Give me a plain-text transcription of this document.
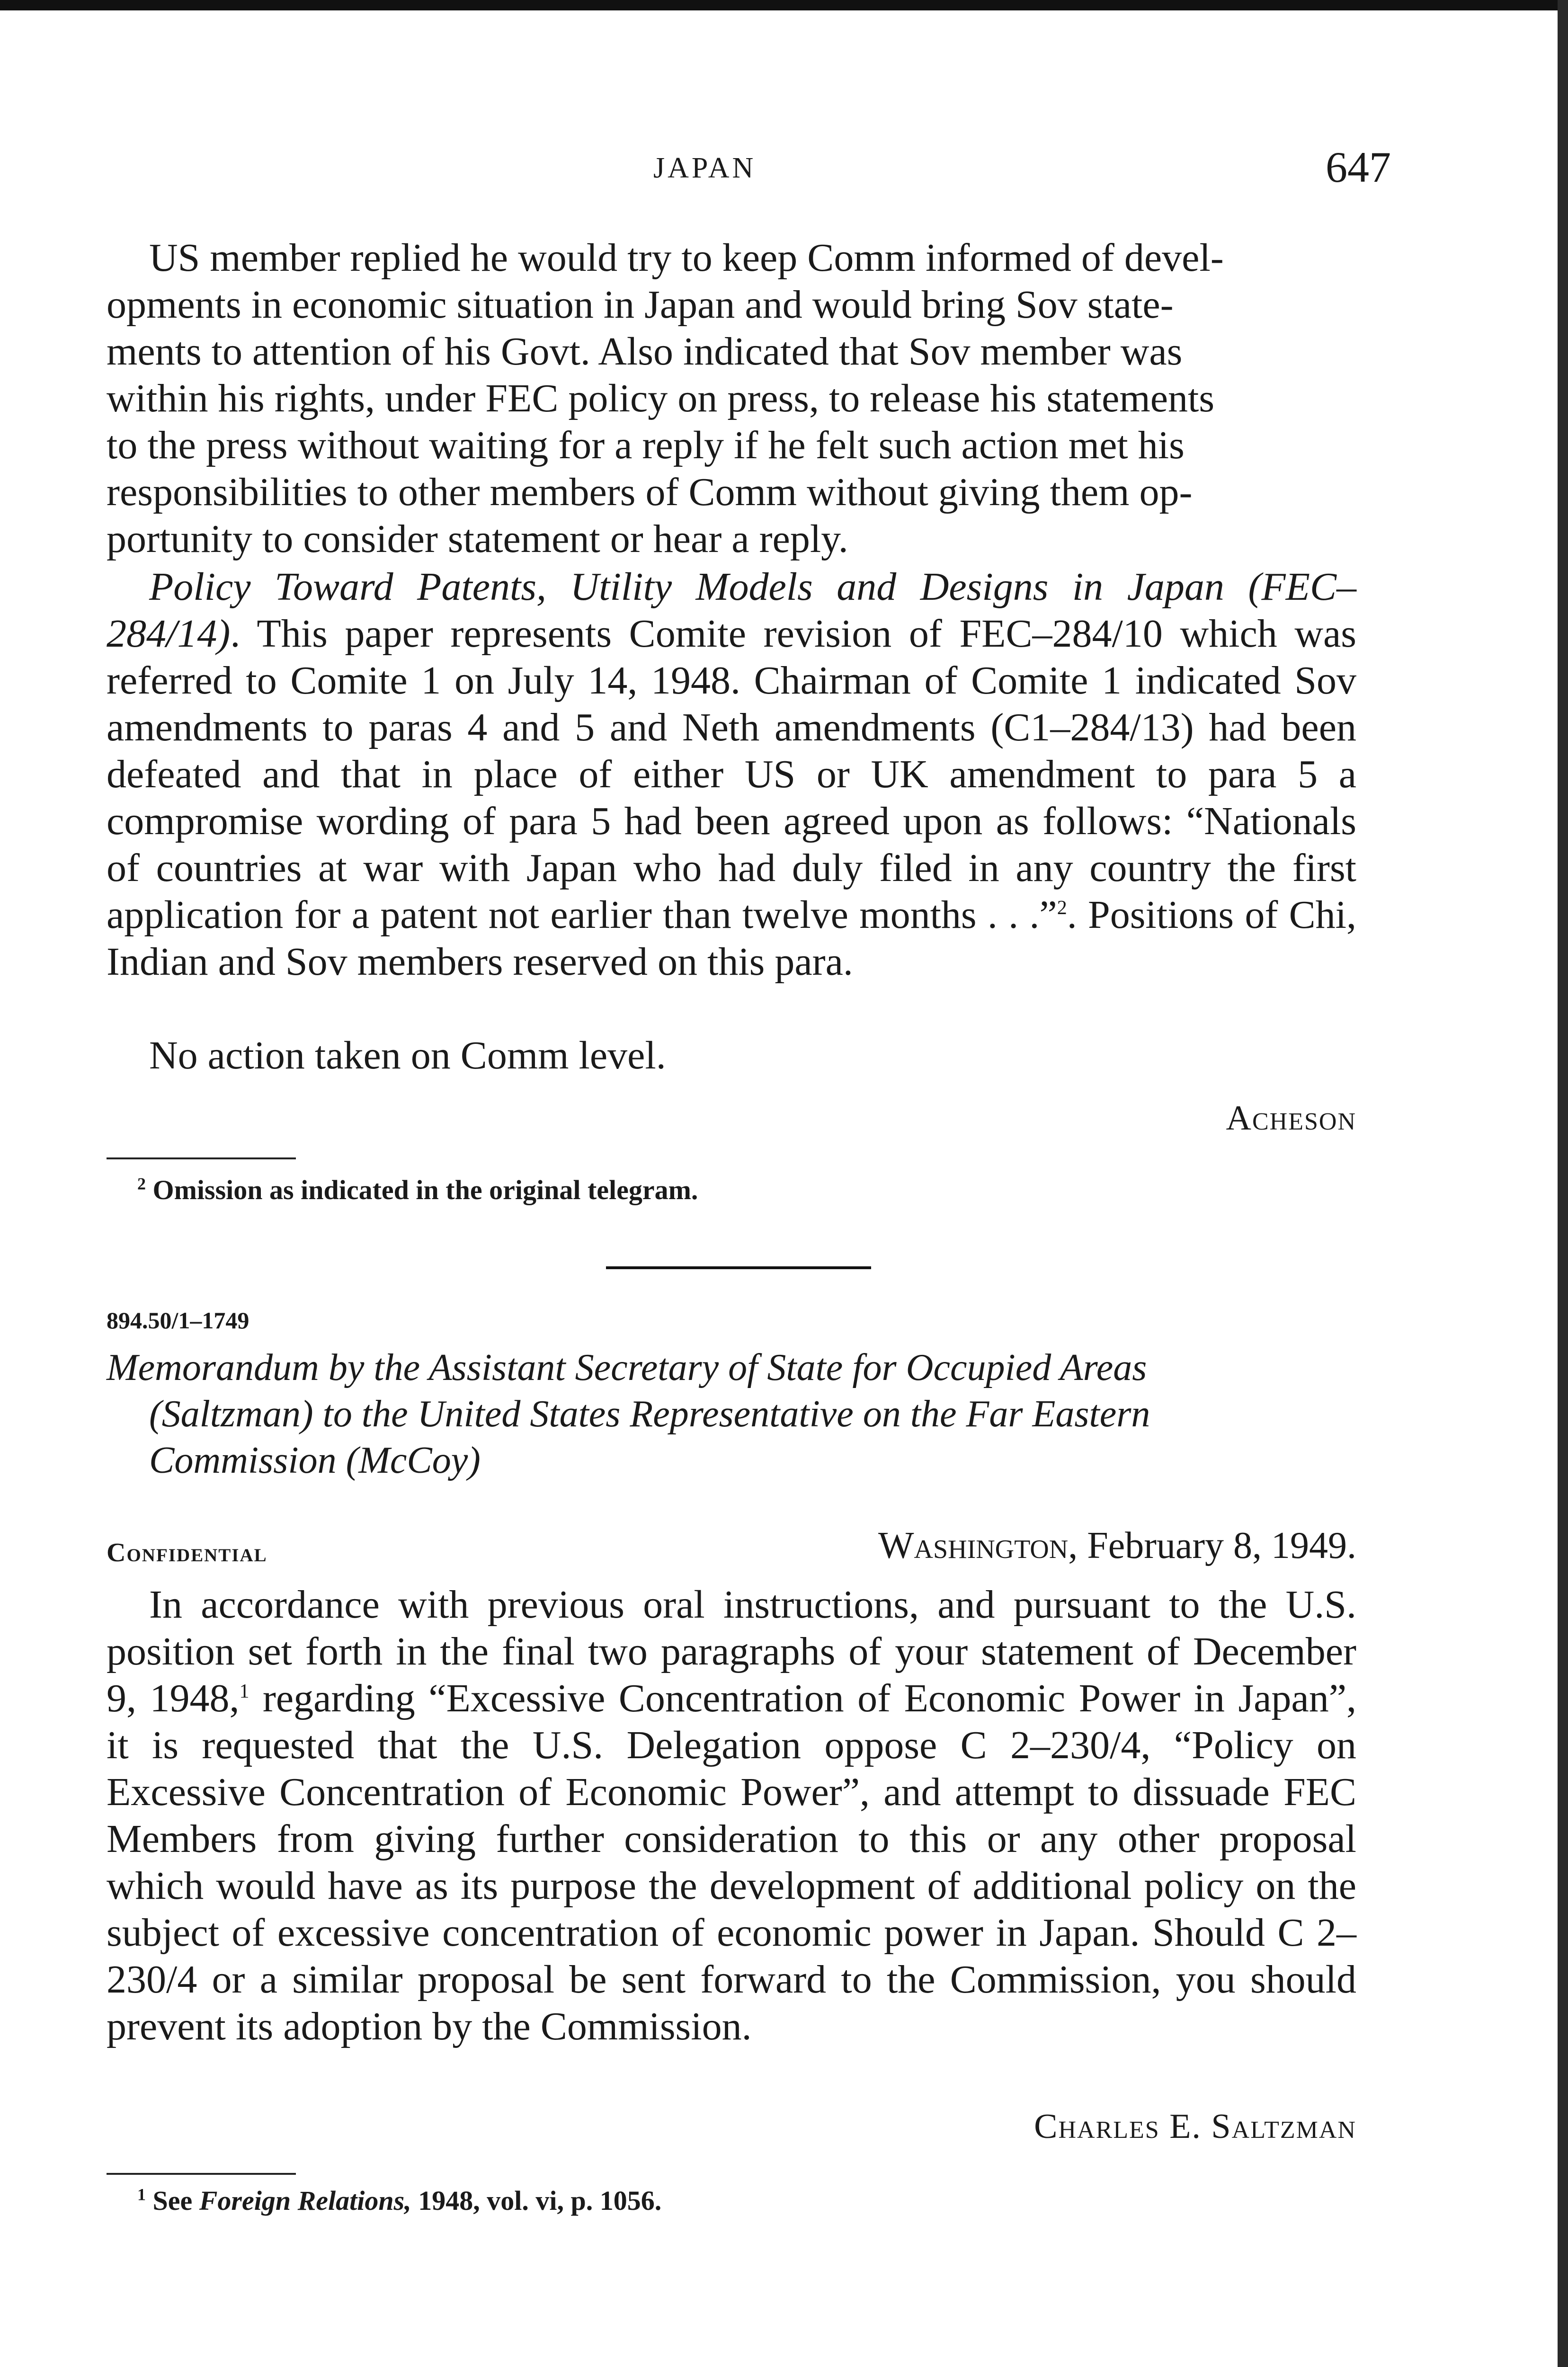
JAPAN	647
US member replied he would try to keep Comm informed of devel-
opments in economic situation in Japan and would bring Sov state-
ments to attention of his Govt. Also indicated that Sov member was
within his rights, under FEC policy on press, to release his statements
to the press without waiting for a reply if he felt such action met his
responsibilities to other members of Comm without giving them op-
portunity to consider statement or hear a reply.

Policy Toward Patents, Utility Models and Designs in Japan (FEC–284/14). This paper represents Comite revision of FEC–284/10 which was referred to Comite 1 on July 14, 1948. Chairman of Comite 1 indicated Sov amendments to paras 4 and 5 and Neth amendments (C1–284/13) had been defeated and that in place of either US or UK amendment to para 5 a compromise wording of para 5 had been agreed upon as follows: “Nationals of countries at war with Japan who had duly filed in any country the first application for a patent not earlier than twelve months . . .”$^2$. Positions of Chi, Indian and Sov members reserved on this para.

No action taken on Comm level.

Acheson
$^2$ Omission as indicated in the original telegram.
894.50/1–1749
Memorandum by the Assistant Secretary of State for Occupied Areas
(Saltzman) to the United States Representative on the Far Eastern
Commission (McCoy)
Confidential	Washington, February 8, 1949.

In accordance with previous oral instructions, and pursuant to the U.S. position set forth in the final two paragraphs of your statement of December 9, 1948,$^1$ regarding “Excessive Concentration of Economic Power in Japan”, it is requested that the U.S. Delegation oppose C 2–230/4, “Policy on Excessive Concentration of Economic Power”, and attempt to dissuade FEC Members from giving further consideration to this or any other proposal which would have as its purpose the development of additional policy on the subject of excessive concentration of economic power in Japan. Should C 2–230/4 or a similar proposal be sent forward to the Commission, you should prevent its adoption by the Commission.

Charles E. Saltzman
$^1$ See Foreign Relations, 1948, vol. vi, p. 1056.
